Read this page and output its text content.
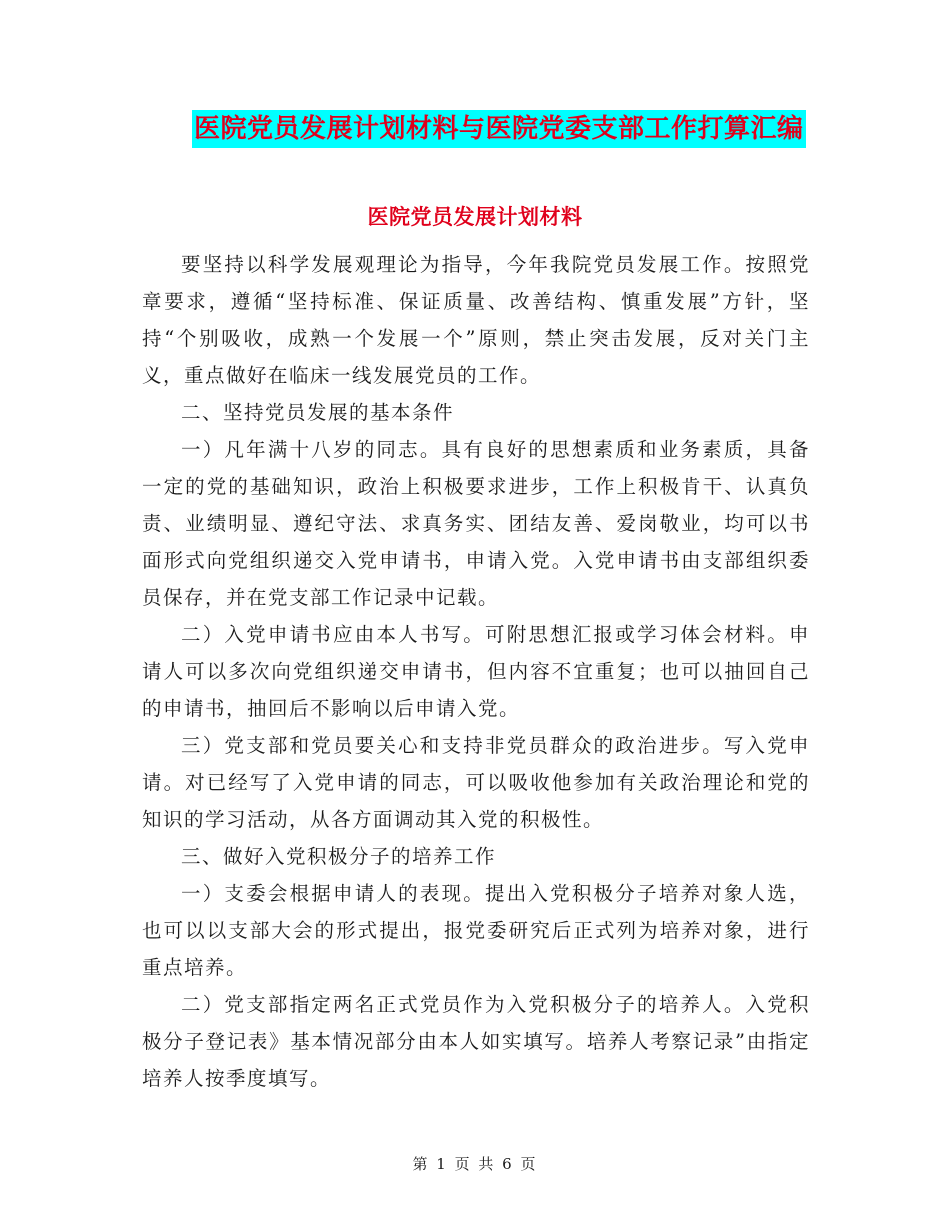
医院党员发展计划材料与医院党委支部工作打算汇编
医院党员发展计划材料

要坚持以科学发展观理论为指导，今年我院党员发展工作。按照党章要求，遵循“坚持标准、保证质量、改善结构、慎重发展”方针，坚持“个别吸收，成熟一个发展一个”原则，禁止突击发展，反对关门主义，重点做好在临床一线发展党员的工作。

二、坚持党员发展的基本条件

一）凡年满十八岁的同志。具有良好的思想素质和业务素质，具备一定的党的基础知识，政治上积极要求进步，工作上积极肯干、认真负责、业绩明显、遵纪守法、求真务实、团结友善、爱岗敬业，均可以书面形式向党组织递交入党申请书，申请入党。入党申请书由支部组织委员保存，并在党支部工作记录中记载。

二）入党申请书应由本人书写。可附思想汇报或学习体会材料。申请人可以多次向党组织递交申请书，但内容不宜重复；也可以抽回自己的申请书，抽回后不影响以后申请入党。

三）党支部和党员要关心和支持非党员群众的政治进步。写入党申请。对已经写了入党申请的同志，可以吸收他参加有关政治理论和党的知识的学习活动，从各方面调动其入党的积极性。

三、做好入党积极分子的培养工作

一）支委会根据申请人的表现。提出入党积极分子培养对象人选，也可以以支部大会的形式提出，报党委研究后正式列为培养对象，进行重点培养。

二）党支部指定两名正式党员作为入党积极分子的培养人。入党积极分子登记表》基本情况部分由本人如实填写。培养人考察记录”由指定培养人按季度填写。

第 1 页 共 6 页
